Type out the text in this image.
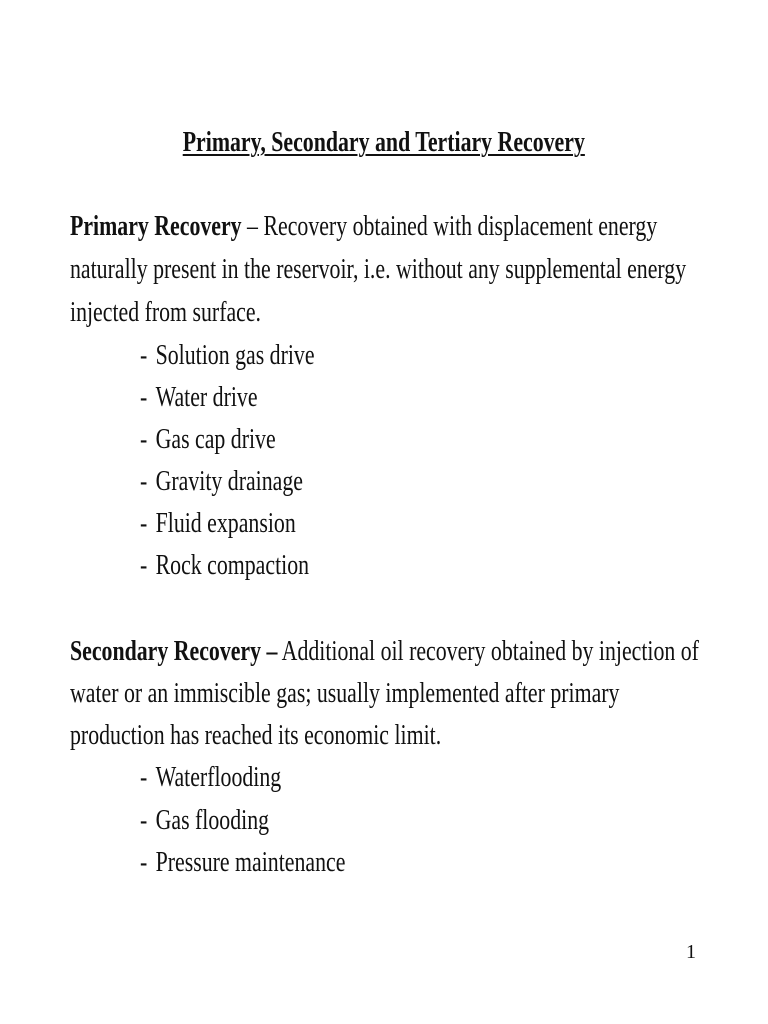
Primary, Secondary and Tertiary Recovery
Primary Recovery – Recovery obtained with displacement energy
naturally present in the reservoir, i.e. without any supplemental energy
injected from surface.
- Solution gas drive
- Water drive
- Gas cap drive
- Gravity drainage
- Fluid expansion
- Rock compaction
Secondary Recovery – Additional oil recovery obtained by injection of
water or an immiscible gas; usually implemented after primary
production has reached its economic limit.
- Waterflooding
- Gas flooding
- Pressure maintenance
1
